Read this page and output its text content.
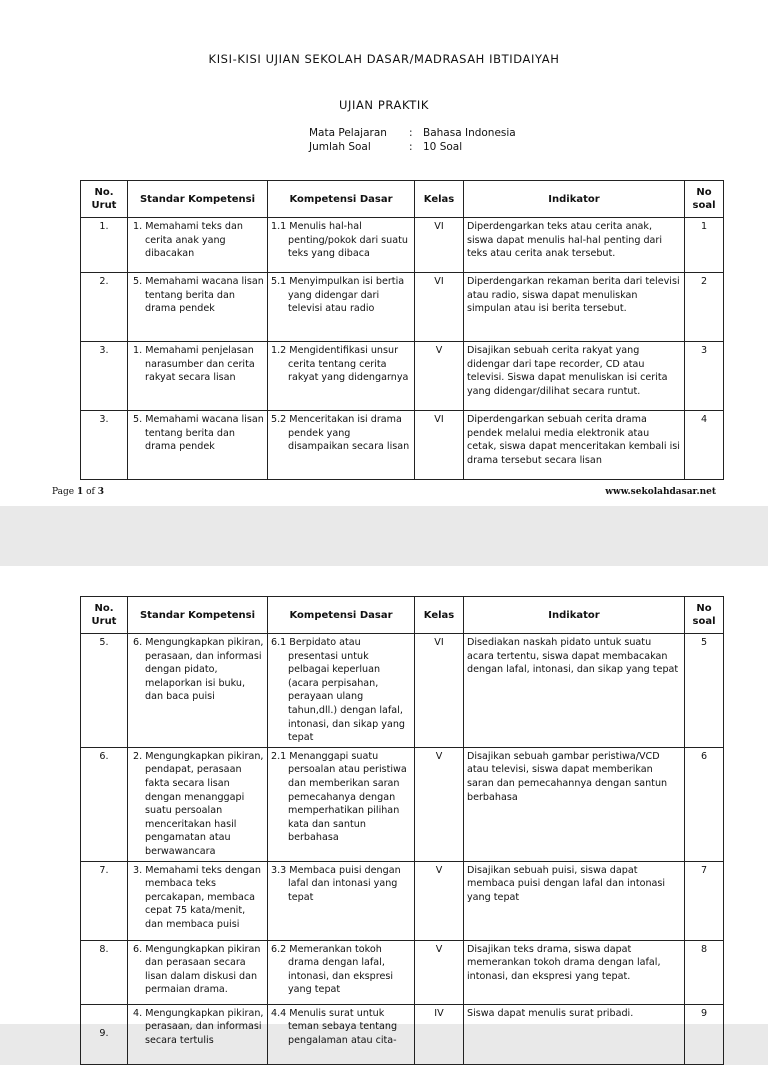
KISI-KISI UJIAN SEKOLAH DASAR/MADRASAH IBTIDAIYAH
UJIAN PRAKTIK
Mata Pelajaran	: Bahasa Indonesia
Jumlah Soal	: 10 Soal
No. Urut	Standar Kompetensi	Kompetensi Dasar	Kelas	Indikator	No soal
1.	1. Memahami teks dan cerita anak yang dibacakan	1.1 Menulis hal-hal penting/pokok dari suatu teks yang dibaca	VI	Diperdengarkan teks atau cerita anak, siswa dapat menulis hal-hal penting dari teks atau cerita anak tersebut.	1
2.	5. Memahami wacana lisan tentang berita dan drama pendek	5.1 Menyimpulkan isi bertia yang didengar dari televisi atau radio	VI	Diperdengarkan rekaman berita dari televisi atau radio, siswa dapat menuliskan simpulan atau isi berita tersebut.	2
3.	1. Memahami penjelasan narasumber dan cerita rakyat secara lisan	1.2 Mengidentifikasi unsur cerita tentang cerita rakyat yang didengarnya	V	Disajikan sebuah cerita rakyat yang didengar dari tape recorder, CD atau televisi. Siswa dapat menuliskan isi cerita yang didengar/dilihat secara runtut.	3
3.	5. Memahami wacana lisan tentang berita dan drama pendek	5.2 Menceritakan isi drama pendek yang disampaikan secara lisan	VI	Diperdengarkan sebuah cerita drama pendek melalui media elektronik atau cetak, siswa dapat menceritakan kembali isi drama tersebut secara lisan	4
Page 1 of 3	www.sekolahdasar.net
No. Urut	Standar Kompetensi	Kompetensi Dasar	Kelas	Indikator	No soal
5.	6. Mengungkapkan pikiran, perasaan, dan informasi dengan pidato, melaporkan isi buku, dan baca puisi	6.1 Berpidato atau presentasi untuk pelbagai keperluan (acara perpisahan, perayaan ulang tahun,dll.) dengan lafal, intonasi, dan sikap yang tepat	VI	Disediakan naskah pidato untuk suatu acara tertentu, siswa dapat membacakan dengan lafal, intonasi, dan sikap yang tepat	5
6.	2. Mengungkapkan pikiran, pendapat, perasaan fakta secara lisan dengan menanggapi suatu persoalan menceritakan hasil pengamatan atau berwawancara	2.1 Menanggapi suatu persoalan atau peristiwa dan memberikan saran pemecahanya dengan memperhatikan pilihan kata dan santun berbahasa	V	Disajikan sebuah gambar peristiwa/VCD atau televisi, siswa dapat memberikan saran dan pemecahannya dengan santun berbahasa	6
7.	3. Memahami teks dengan membaca teks percakapan, membaca cepat 75 kata/menit, dan membaca puisi	3.3 Membaca puisi dengan lafal dan intonasi yang tepat	V	Disajikan sebuah puisi, siswa dapat membaca puisi dengan lafal dan intonasi yang tepat	7
8.	6. Mengungkapkan pikiran dan perasaan secara lisan dalam diskusi dan permaian drama.	6.2 Memerankan tokoh drama dengan lafal, intonasi, dan ekspresi yang tepat	V	Disajikan teks drama, siswa dapat memerankan tokoh drama dengan lafal, intonasi, dan ekspresi yang tepat.	8
9.	4. Mengungkapkan pikiran, perasaan, dan informasi secara tertulis	4.4 Menulis surat untuk teman sebaya tentang pengalaman atau cita-	IV	Siswa dapat menulis surat pribadi.	9
